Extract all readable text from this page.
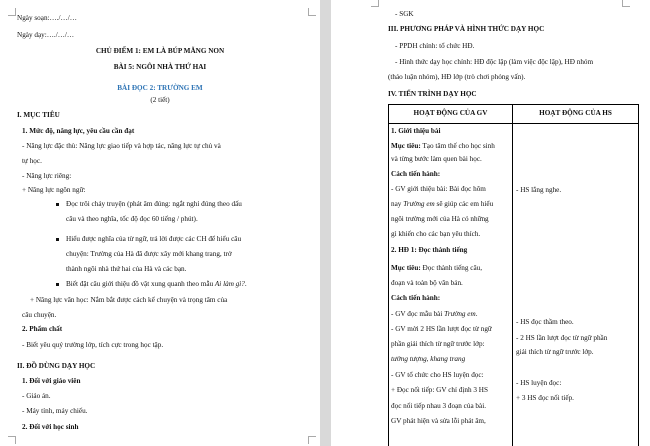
Ngày soạn:…./…/…
Ngày dạy:…./…/…
CHỦ ĐIỂM 1: EM LÀ BÚP MĂNG NON
BÀI 5: NGÔI NHÀ THỨ HAI
BÀI ĐỌC 2: TRƯỜNG EM
(2 tiết)
I. MỤC TIÊU
1. Mức độ, năng lực, yêu cầu cần đạt
- Năng lực đặc thù: Năng lực giao tiếp và hợp tác, năng lực tự chủ và
tự học.
- Năng lực riêng:
+ Năng lực ngôn ngữ:
Đọc trôi chảy truyện (phát âm đúng: ngắt nghỉ đúng theo dấu
câu và theo nghĩa, tốc độ đọc 60 tiếng / phút).
Hiểu được nghĩa của từ ngữ, trả lời được các CH để hiểu câu
chuyện: Trường của Hà đã được xây mới khang trang, trở
thành ngôi nhà thứ hai của Hà và các bạn.
Biết đặt câu giới thiệu đồ vật xung quanh theo mẫu Ai làm gì?.
+ Năng lực văn học: Nắm bắt được cách kể chuyện và trọng tâm của
câu chuyện.
2. Phẩm chất
- Biết yêu quý trường lớp, tích cực trong học tập.
II. ĐỒ DÙNG DẠY HỌC
1. Đối với giáo viên
- Giáo án.
- Máy tính, máy chiếu.
2. Đối với học sinh
- SGK
III. PHƯƠNG PHÁP VÀ HÌNH THỨC DẠY HỌC
- PPDH chính: tổ chức HĐ.
- Hình thức dạy học chính: HĐ độc lập (làm việc độc lập), HĐ nhóm
(thảo luận nhóm), HĐ lớp (trò chơi phỏng vấn).
IV. TIẾN TRÌNH DẠY HỌC
HOẠT ĐỘNG CỦA GV	HOẠT ĐỘNG CỦA HS
1. Giới thiệu bài
Mục tiêu: Tạo tâm thế cho học sinh
và từng bước làm quen bài học.
Cách tiến hành:
- GV giới thiệu bài: Bài đọc hôm
nay Trường em sẽ giúp các em hiểu
ngôi trường mới của Hà có những
gì khiến cho các bạn yêu thích.
2. HĐ 1: Đọc thành tiếng
Mục tiêu: Đọc thành tiếng câu,
đoạn và toàn bộ văn bản.
Cách tiến hành:
- GV đọc mẫu bài Trường em.
- GV mời 2 HS lần lượt đọc từ ngữ
phần giải thích từ ngữ trước lớp:
tường tượng, khang trang
- GV tổ chức cho HS luyện đọc:
+ Đọc nối tiếp: GV chỉ định 3 HS
đọc nối tiếp nhau 3 đoạn của bài.
GV phát hiện và sửa lỗi phát âm,
- HS lắng nghe.
- HS đọc thầm theo.
- 2 HS lần lượt đọc từ ngữ phần
giải thích từ ngữ trước lớp.
- HS luyện đọc:
+ 3 HS đọc nối tiếp.
